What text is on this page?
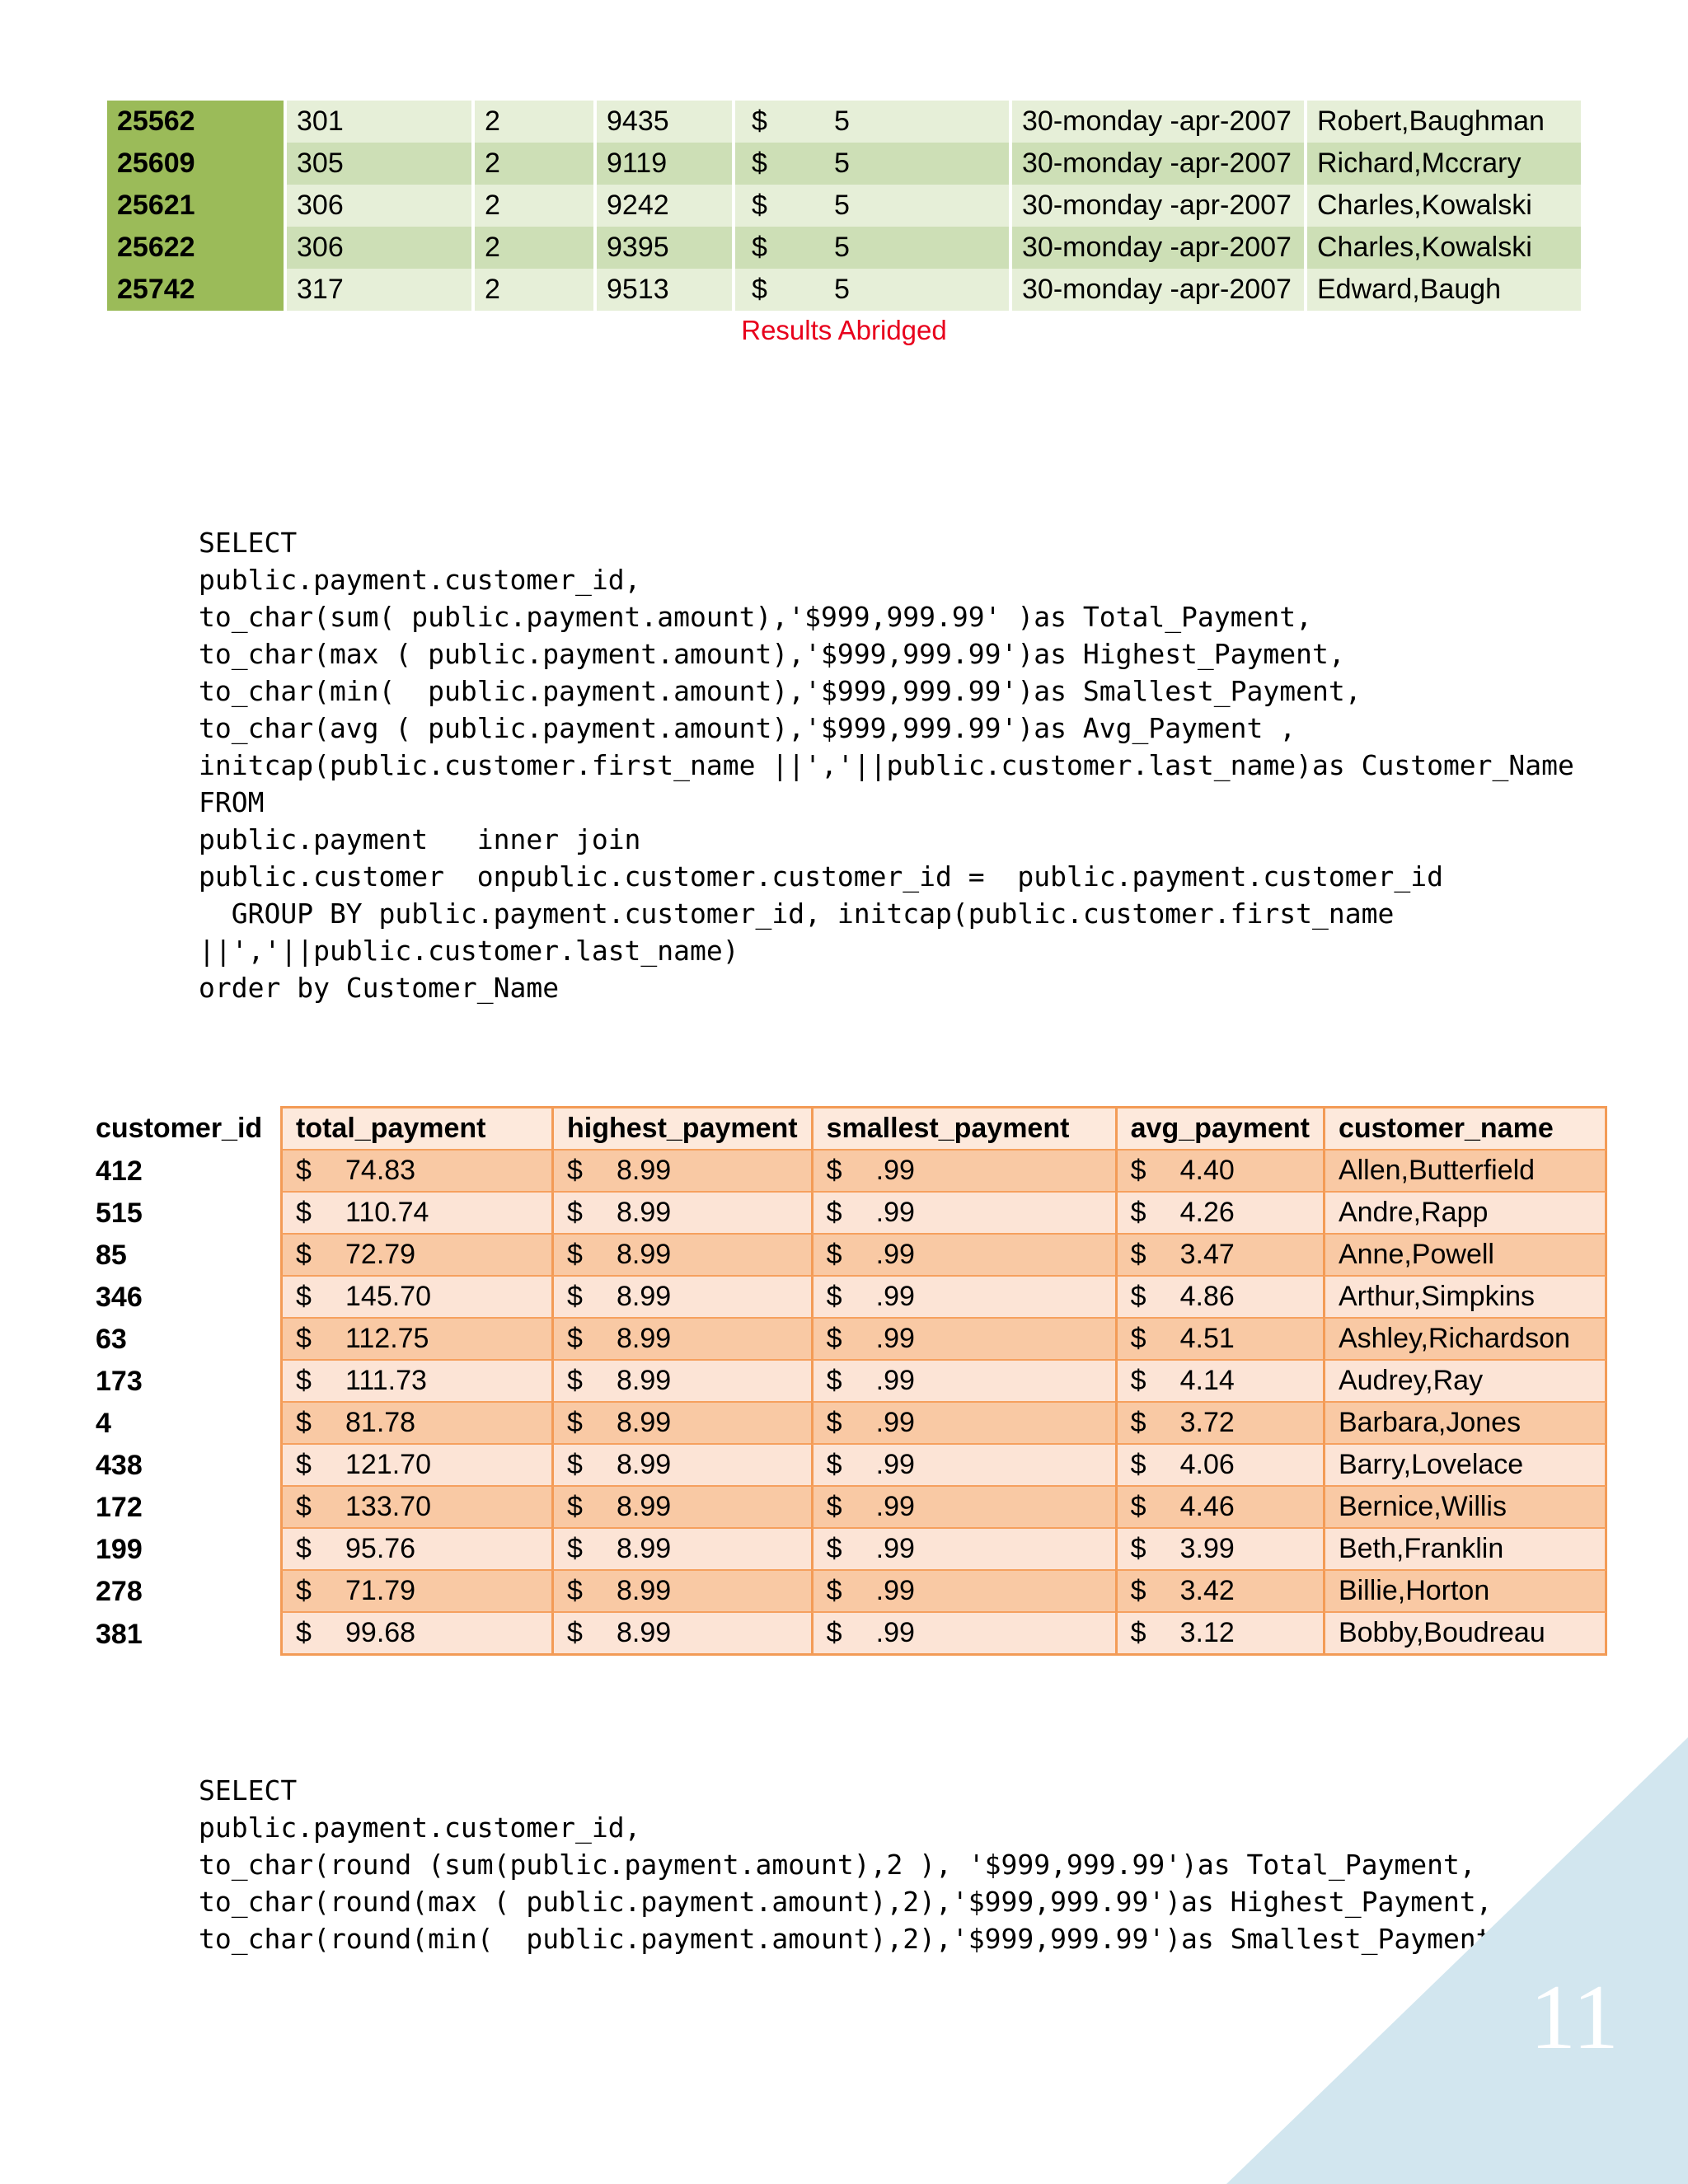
25562	301	2	9435	$ 5	30-monday -apr-2007	Robert,Baughman
25609	305	2	9119	$ 5	30-monday -apr-2007	Richard,Mccrary
25621	306	2	9242	$ 5	30-monday -apr-2007	Charles,Kowalski
25622	306	2	9395	$ 5	30-monday -apr-2007	Charles,Kowalski
25742	317	2	9513	$ 5	30-monday -apr-2007	Edward,Baugh
Results Abridged
SELECT
public.payment.customer_id,
to_char(sum( public.payment.amount),'$999,999.99' )as Total_Payment,
to_char(max ( public.payment.amount),'$999,999.99')as Highest_Payment,
to_char(min(  public.payment.amount),'$999,999.99')as Smallest_Payment,
to_char(avg ( public.payment.amount),'$999,999.99')as Avg_Payment ,
initcap(public.customer.first_name ||','||public.customer.last_name)as Customer_Name
FROM
public.payment   inner join
public.customer  onpublic.customer.customer_id =  public.payment.customer_id
GROUP BY public.payment.customer_id, initcap(public.customer.first_name
||','||public.customer.last_name)
order by Customer_Name
customer_id	total_payment	highest_payment	smallest_payment	avg_payment	customer_name
412	$ 74.83	$ 8.99	$ .99	$ 4.40	Allen,Butterfield
515	$ 110.74	$ 8.99	$ .99	$ 4.26	Andre,Rapp
85	$ 72.79	$ 8.99	$ .99	$ 3.47	Anne,Powell
346	$ 145.70	$ 8.99	$ .99	$ 4.86	Arthur,Simpkins
63	$ 112.75	$ 8.99	$ .99	$ 4.51	Ashley,Richardson
173	$ 111.73	$ 8.99	$ .99	$ 4.14	Audrey,Ray
4	$ 81.78	$ 8.99	$ .99	$ 3.72	Barbara,Jones
438	$ 121.70	$ 8.99	$ .99	$ 4.06	Barry,Lovelace
172	$ 133.70	$ 8.99	$ .99	$ 4.46	Bernice,Willis
199	$ 95.76	$ 8.99	$ .99	$ 3.99	Beth,Franklin
278	$ 71.79	$ 8.99	$ .99	$ 3.42	Billie,Horton
381	$ 99.68	$ 8.99	$ .99	$ 3.12	Bobby,Boudreau
SELECT
public.payment.customer_id,
to_char(round (sum(public.payment.amount),2 ), '$999,999.99')as Total_Payment,
to_char(round(max ( public.payment.amount),2),'$999,999.99')as Highest_Payment,
to_char(round(min(  public.payment.amount),2),'$999,999.99')as Smallest_Payment,
11
